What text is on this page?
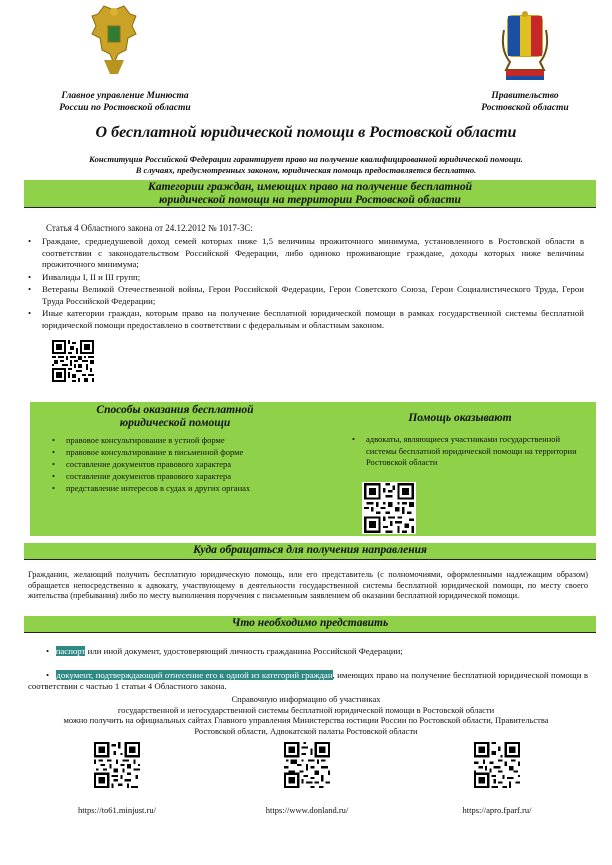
Главное управление Минюста
России по Ростовской области
Правительство
Ростовской области
О бесплатной юридической помощи в Ростовской области
Конституция Российской Федерации гарантирует право на получение квалифицированной юридической помощи.
В случаях, предусмотренных законом, юридическая помощь предоставляется бесплатно.
Категории граждан, имеющих право на получение бесплатной
юридической помощи на территории Ростовской области
Статья 4 Областного закона от 24.12.2012 № 1017-ЗС:
• Граждане, среднедушевой доход семей которых ниже 1,5 величины прожиточного минимума, установленного в Ростовской области в соответствии с законодательством Российской Федерации, либо одиноко проживающие граждане, доходы которых ниже величины прожиточного минимума;
• Инвалиды I, II и III групп;
• Ветераны Великой Отечественной войны, Герои Российской Федерации, Герои Советского Союза, Герои Социалистического Труда, Герои Труда Российской Федерации;
• Иные категории граждан, которым право на получение бесплатной юридической помощи в рамках государственной системы бесплатной юридической помощи предоставлено в соответствии с федеральным и областным законом.
Способы оказания бесплатной
юридической помощи
• правовое консультирование в устной форме
• правовое консультирование в письменной форме
• составление документов правового характера
• составление документов правового характера
• представление интересов в судах и других органах
Помощь оказывают
• адвокаты, являющиеся участниками государственной системы бесплатной юридической помощи на территории Ростовской области
Куда обращаться для получения направления
Гражданин, желающий получить бесплатную юридическую помощь, или его представитель (с полномочиями, оформленными надлежащим образом) обращается непосредственно к адвокату, участвующему в деятельности государственной системы бесплатной юридической помощи, по месту своего жительства (пребывания) либо по месту выполнения поручения с письменным заявлением об оказании бесплатной юридической помощи.
Что необходимо представить
•   паспорт или иной документ, удостоверяющий личность гражданина Российской Федерации;
•   документ, подтверждающий отнесение его к одной из категорий граждан, имеющих право на получение бесплатной юридической помощи в соответствии с частью 1 статьи 4 Областного закона.
Справочную информацию об участниках
государственной и негосударственной системы бесплатной юридической помощи в Ростовской области
можно получить на официальных сайтах Главного управления Министерства юстиции России по Ростовской области, Правительства
Ростовской области, Адвокатской палаты Ростовской области
https://to61.minjust.ru/	https://www.donland.ru/	https://apro.fparf.ru/
